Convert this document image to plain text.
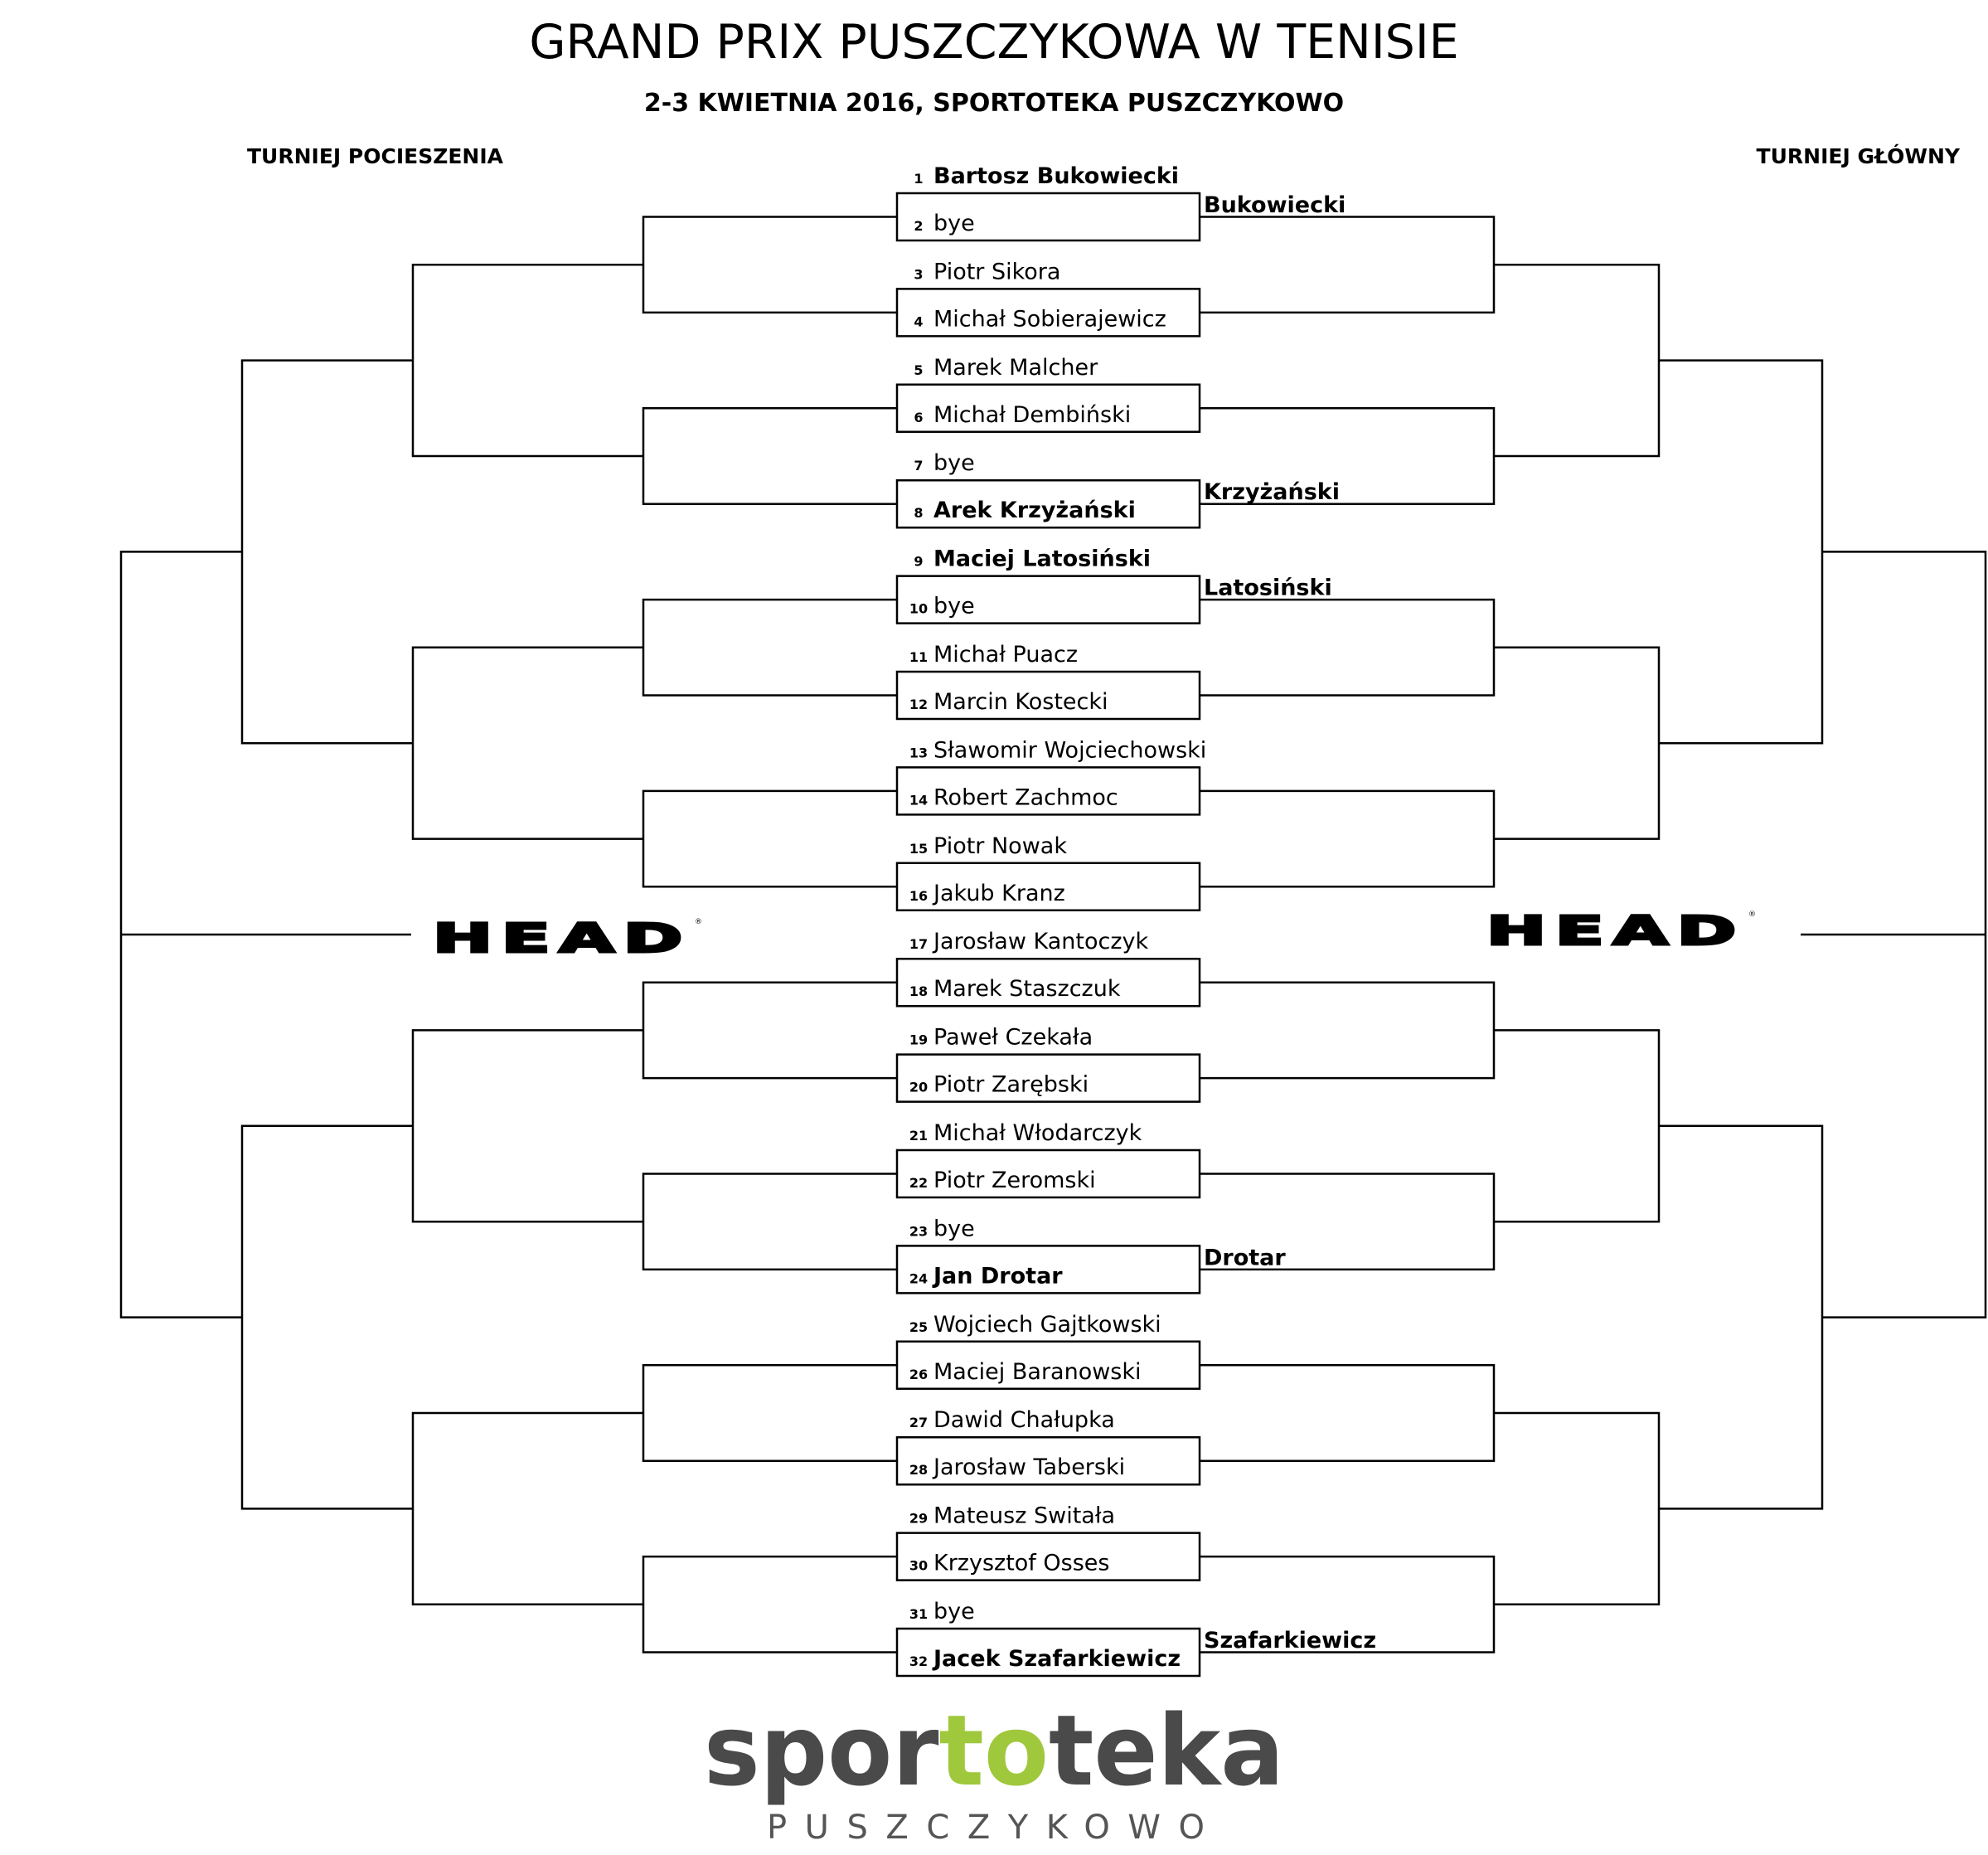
GRAND PRIX PUSZCZYKOWA W TENISIE
2-3 KWIETNIA 2016, SPORTOTEKA PUSZCZYKOWO
TURNIEJ POCIESZENIA	TURNIEJ GŁÓWNY
1 Bartosz Bukowiecki
2 bye
3 Piotr Sikora
4 Michał Sobierajewicz
5 Marek Malcher
6 Michał Dembiński
7 bye
8 Arek Krzyżański
9 Maciej Latosiński
10 bye
11 Michał Puacz
12 Marcin Kostecki
13 Sławomir Wojciechowski
14 Robert Zachmoc
15 Piotr Nowak
16 Jakub Kranz
17 Jarosław Kantoczyk
18 Marek Staszczuk
19 Paweł Czekała
20 Piotr Zarębski
21 Michał Włodarczyk
22 Piotr Zeromski
23 bye
24 Jan Drotar
25 Wojciech Gajtkowski
26 Maciej Baranowski
27 Dawid Chałupka
28 Jarosław Taberski
29 Mateusz Switała
30 Krzysztof Osses
31 bye
32 Jacek Szafarkiewicz
Bukowiecki
Krzyżański
Latosiński
Drotar
Szafarkiewicz
HEAD ®	HEAD ®
sportoteka
PUSZCZYKOWO
